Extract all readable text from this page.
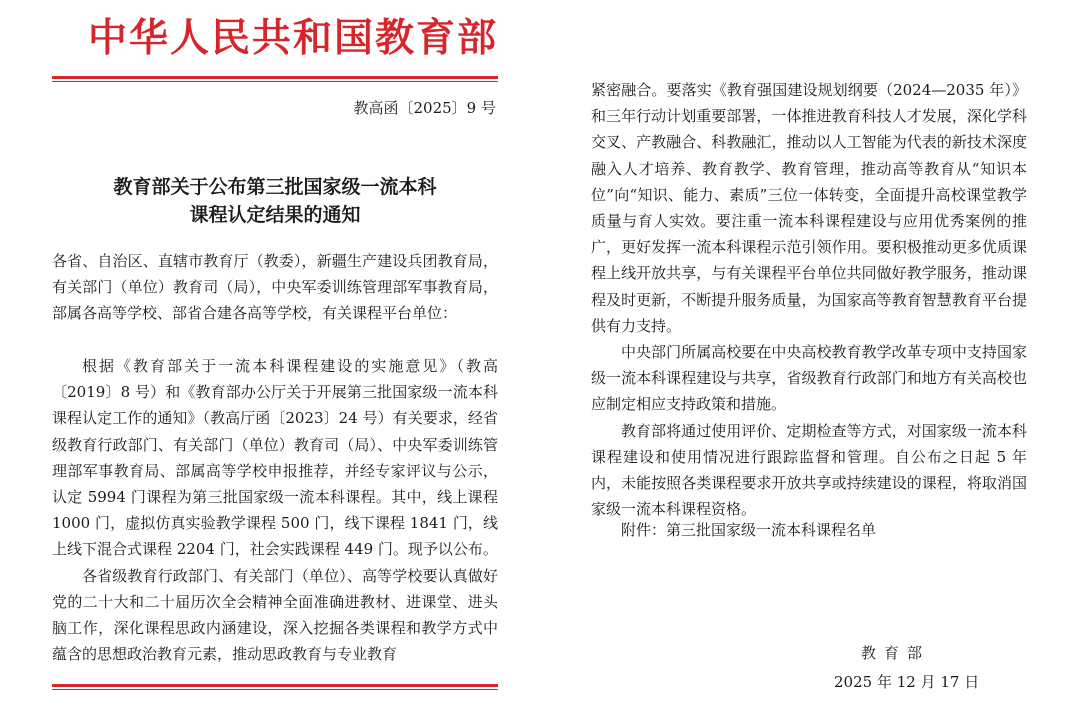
中华人民共和国教育部
教高函〔2025〕9 号
教育部关于公布第三批国家级一流本科
课程认定结果的通知

各省、自治区、直辖市教育厅（教委），新疆生产建设兵团教育局，有关部门（单位）教育司（局），中央军委训练管理部军事教育局，部属各高等学校、部省合建各高等学校，有关课程平台单位：

根据《教育部关于一流本科课程建设的实施意见》（教高〔2019〕8 号）和《教育部办公厅关于开展第三批国家级一流本科课程认定工作的通知》（教高厅函〔2023〕24 号）有关要求，经省级教育行政部门、有关部门（单位）教育司（局）、中央军委训练管理部军事教育局、部属高等学校申报推荐，并经专家评议与公示，认定 5994 门课程为第三批国家级一流本科课程。其中，线上课程 1000 门，虚拟仿真实验教学课程 500 门，线下课程 1841 门，线上线下混合式课程 2204 门，社会实践课程 449 门。现予以公布。

各省级教育行政部门、有关部门（单位）、高等学校要认真做好党的二十大和二十届历次全会精神全面准确进教材、进课堂、进头脑工作，深化课程思政内涵建设，深入挖掘各类课程和教学方式中蕴含的思想政治教育元素，推动思政教育与专业教育

紧密融合。要落实《教育强国建设规划纲要（2024—2035 年）》和三年行动计划重要部署，一体推进教育科技人才发展，深化学科交叉、产教融合、科教融汇，推动以人工智能为代表的新技术深度融入人才培养、教育教学、教育管理，推动高等教育从“知识本位”向“知识、能力、素质”三位一体转变，全面提升高校课堂教学质量与育人实效。要注重一流本科课程建设与应用优秀案例的推广，更好发挥一流本科课程示范引领作用。要积极推动更多优质课程上线开放共享，与有关课程平台单位共同做好教学服务，推动课程及时更新，不断提升服务质量，为国家高等教育智慧教育平台提供有力支持。

中央部门所属高校要在中央高校教育教学改革专项中支持国家级一流本科课程建设与共享，省级教育行政部门和地方有关高校也应制定相应支持政策和措施。

教育部将通过使用评价、定期检查等方式，对国家级一流本科课程建设和使用情况进行跟踪监督和管理。自公布之日起 5 年内，未能按照各类课程要求开放共享或持续建设的课程，将取消国家级一流本科课程资格。

附件：第三批国家级一流本科课程名单
教育部
2025 年 12 月 17 日
